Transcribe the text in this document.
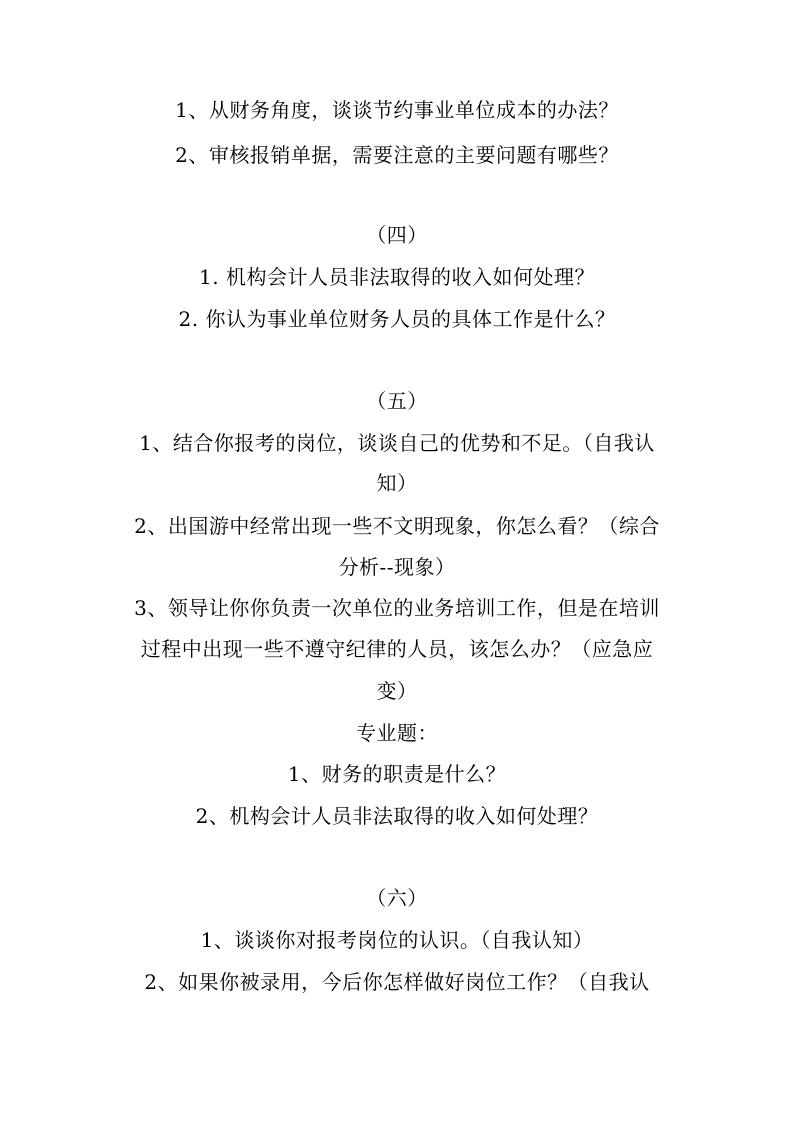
1、从财务角度，谈谈节约事业单位成本的办法？
2、审核报销单据，需要注意的主要问题有哪些？
（四）
1. 机构会计人员非法取得的收入如何处理？
2. 你认为事业单位财务人员的具体工作是什么？
（五）
1、结合你报考的岗位，谈谈自己的优势和不足。（自我认
知）
2、出国游中经常出现一些不文明现象，你怎么看？（综合
分析--现象）
3、领导让你你负责一次单位的业务培训工作，但是在培训
过程中出现一些不遵守纪律的人员，该怎么办？（应急应
变）
专业题：
1、财务的职责是什么？
2、机构会计人员非法取得的收入如何处理？
（六）
1、谈谈你对报考岗位的认识。（自我认知）
2、如果你被录用，今后你怎样做好岗位工作？（自我认
